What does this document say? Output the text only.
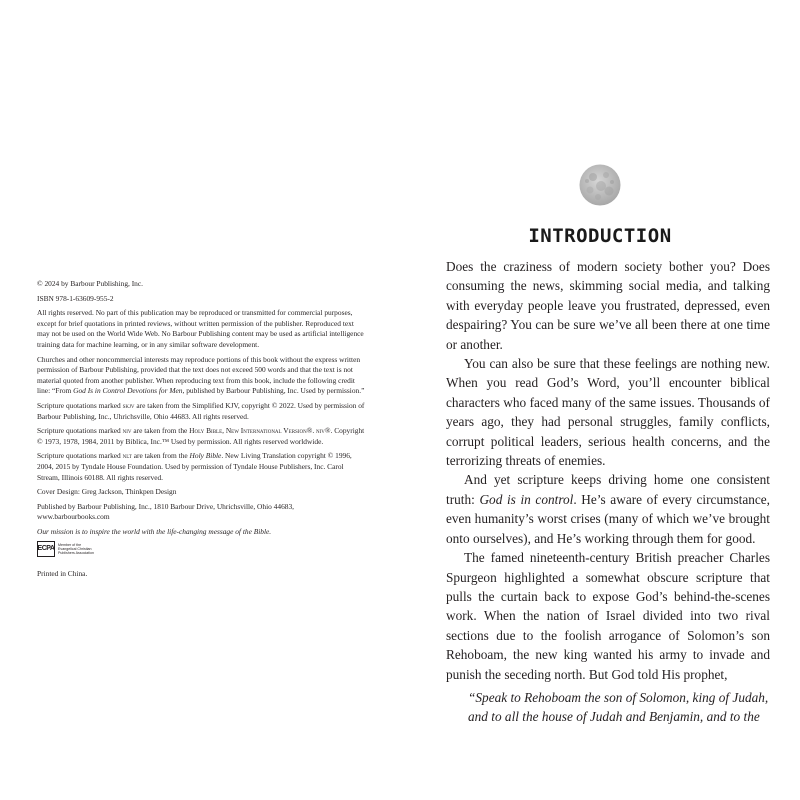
© 2024 by Barbour Publishing, Inc.

ISBN 978-1-63609-955-2

All rights reserved. No part of this publication may be reproduced or transmitted for commercial purposes, except for brief quotations in printed reviews, without written permission of the publisher. Reproduced text may not be used on the World Wide Web. No Barbour Publishing content may be used as artificial intelligence training data for machine learning, or in any similar software development.

Churches and other noncommercial interests may reproduce portions of this book without the express written permission of Barbour Publishing, provided that the text does not exceed 500 words and that the text is not material quoted from another publisher. When reproducing text from this book, include the following credit line: “From God Is in Control Devotions for Men, published by Barbour Publishing, Inc. Used by permission.”

Scripture quotations marked skjv are taken from the Simplified KJV, copyright © 2022. Used by permission of Barbour Publishing, Inc., Uhrichsville, Ohio 44683. All rights reserved.

Scripture quotations marked niv are taken from the Holy Bible, New International Version®. niv®. Copyright © 1973, 1978, 1984, 2011 by Biblica, Inc.™ Used by permission. All rights reserved worldwide.

Scripture quotations marked nlt are taken from the Holy Bible. New Living Translation copyright © 1996, 2004, 2015 by Tyndale House Foundation. Used by permission of Tyndale House Publishers, Inc. Carol Stream, Illinois 60188. All rights reserved.

Cover Design: Greg Jackson, Thinkpen Design

Published by Barbour Publishing, Inc., 1810 Barbour Drive, Uhrichsville, Ohio 44683, www.barbourbooks.com

Our mission is to inspire the world with the life-changing message of the Bible.

ECPA Member of the
Evangelical Christian
Publishers Association

Printed in China.

INTRODUCTION

Does the craziness of modern society bother you? Does consuming the news, skimming social media, and talking with everyday people leave you frustrated, depressed, even despairing? You can be sure we’ve all been there at one time or another.

You can also be sure that these feelings are nothing new. When you read God’s Word, you’ll encounter biblical characters who faced many of the same issues. Thousands of years ago, they had personal struggles, family conflicts, corrupt political leaders, serious health concerns, and the terrorizing threats of enemies.

And yet scripture keeps driving home one consistent truth: God is in control. He’s aware of every circumstance, even humanity’s worst crises (many of which we’ve brought onto ourselves), and He’s working through them for good.

The famed nineteenth-century British preacher Charles Spurgeon highlighted a somewhat obscure scripture that pulls the curtain back to expose God’s behind-the-scenes work. When the nation of Israel divided into two rival sections due to the foolish arrogance of Solomon’s son Rehoboam, the new king wanted his army to invade and punish the seceding north. But God told His prophet,

“Speak to Rehoboam the son of Solomon, king of Judah, and to all the house of Judah and Benjamin, and to the
